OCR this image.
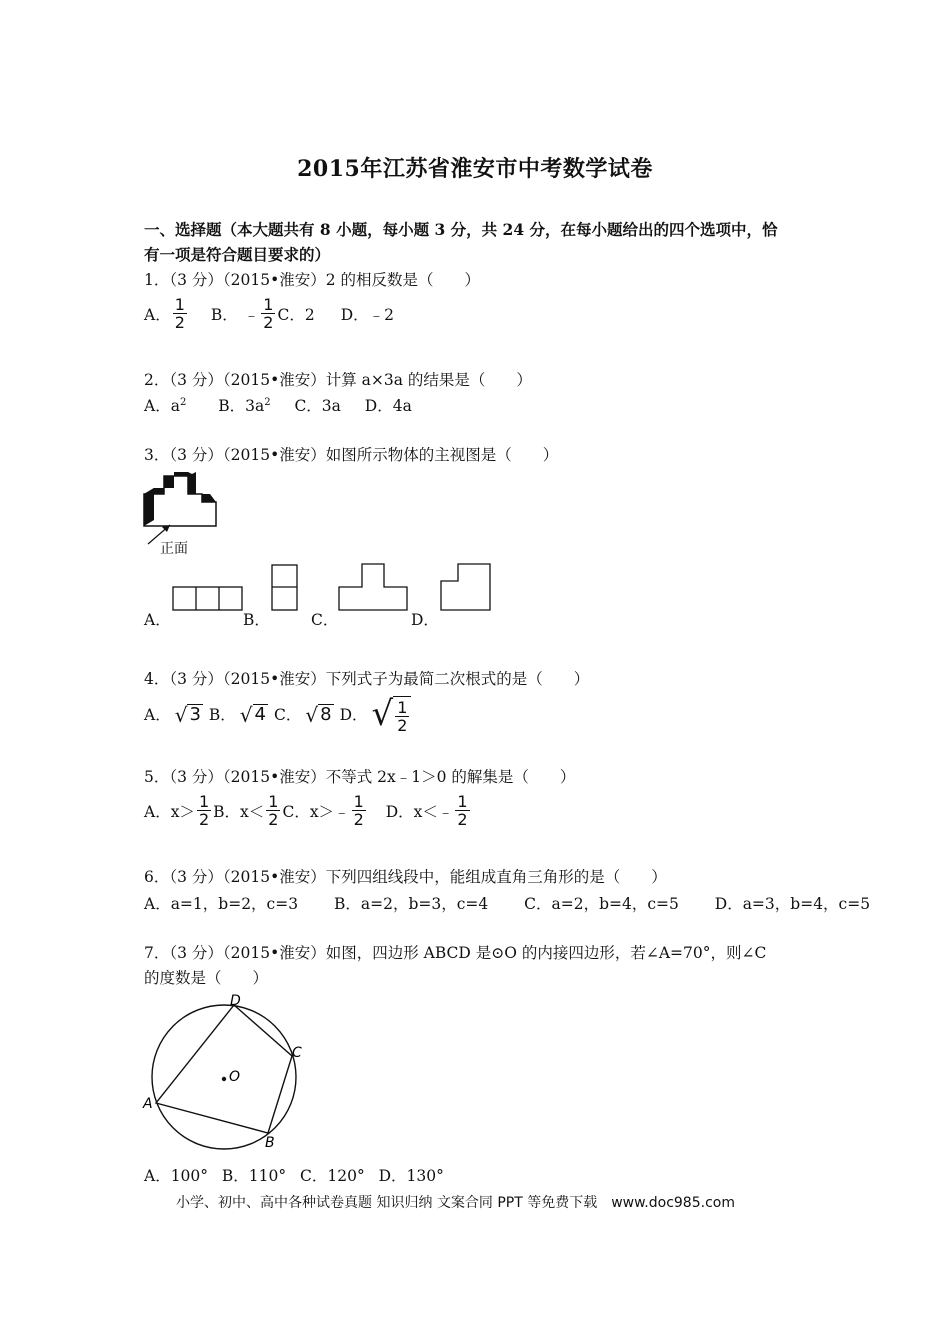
2015年江苏省淮安市中考数学试卷
一、选择题（本大题共有 8 小题，每小题 3 分，共 24 分，在每小题给出的四个选项中，恰
有一项是符合题目要求的）
1．（3 分）（2015•淮安）2 的相反数是（　　）
A． $\frac{1}{2}$ B． ﹣ $\frac{1}{2}$ C．2 D．﹣2
2．（3 分）（2015•淮安）计算 a×3a 的结果是（　　）
A．$a^2$ B．$3a^2$ C．3a D．4a
3．（3 分）（2015•淮安）如图所示物体的主视图是（　　）
正面
A．	B．	C．	D．
4．（3 分）（2015•淮安）下列式子为最简二次根式的是（　　）
A． √ 3 B． √ 4 C． √ 8 D． √ $\frac{1}{2}$
5．（3 分）（2015•淮安）不等式 2x﹣1＞0 的解集是（　　）
A．$x> \frac{1}{2}$ B．$x< \frac{1}{2}$ C．x＞﹣ $\frac{1}{2}$ D．x＜﹣ $\frac{1}{2}$
6．（3 分）（2015•淮安）下列四组线段中，能组成直角三角形的是（　　）
A．a=1，b=2，c=3 B．a=2，b=3，c=4 C．a=2，b=4，c=5 D．a=3，b=4，c=5
7．（3 分）（2015•淮安）如图，四边形 ABCD 是⊙O 的内接四边形，若∠A=70°，则∠C
的度数是（　　）
D
C
O
A
B
A．100° B．110° C．120° D．130°
小学、初中、高中各种试卷真题 知识归纳 文案合同 PPT 等免费下载　www.doc985.com
